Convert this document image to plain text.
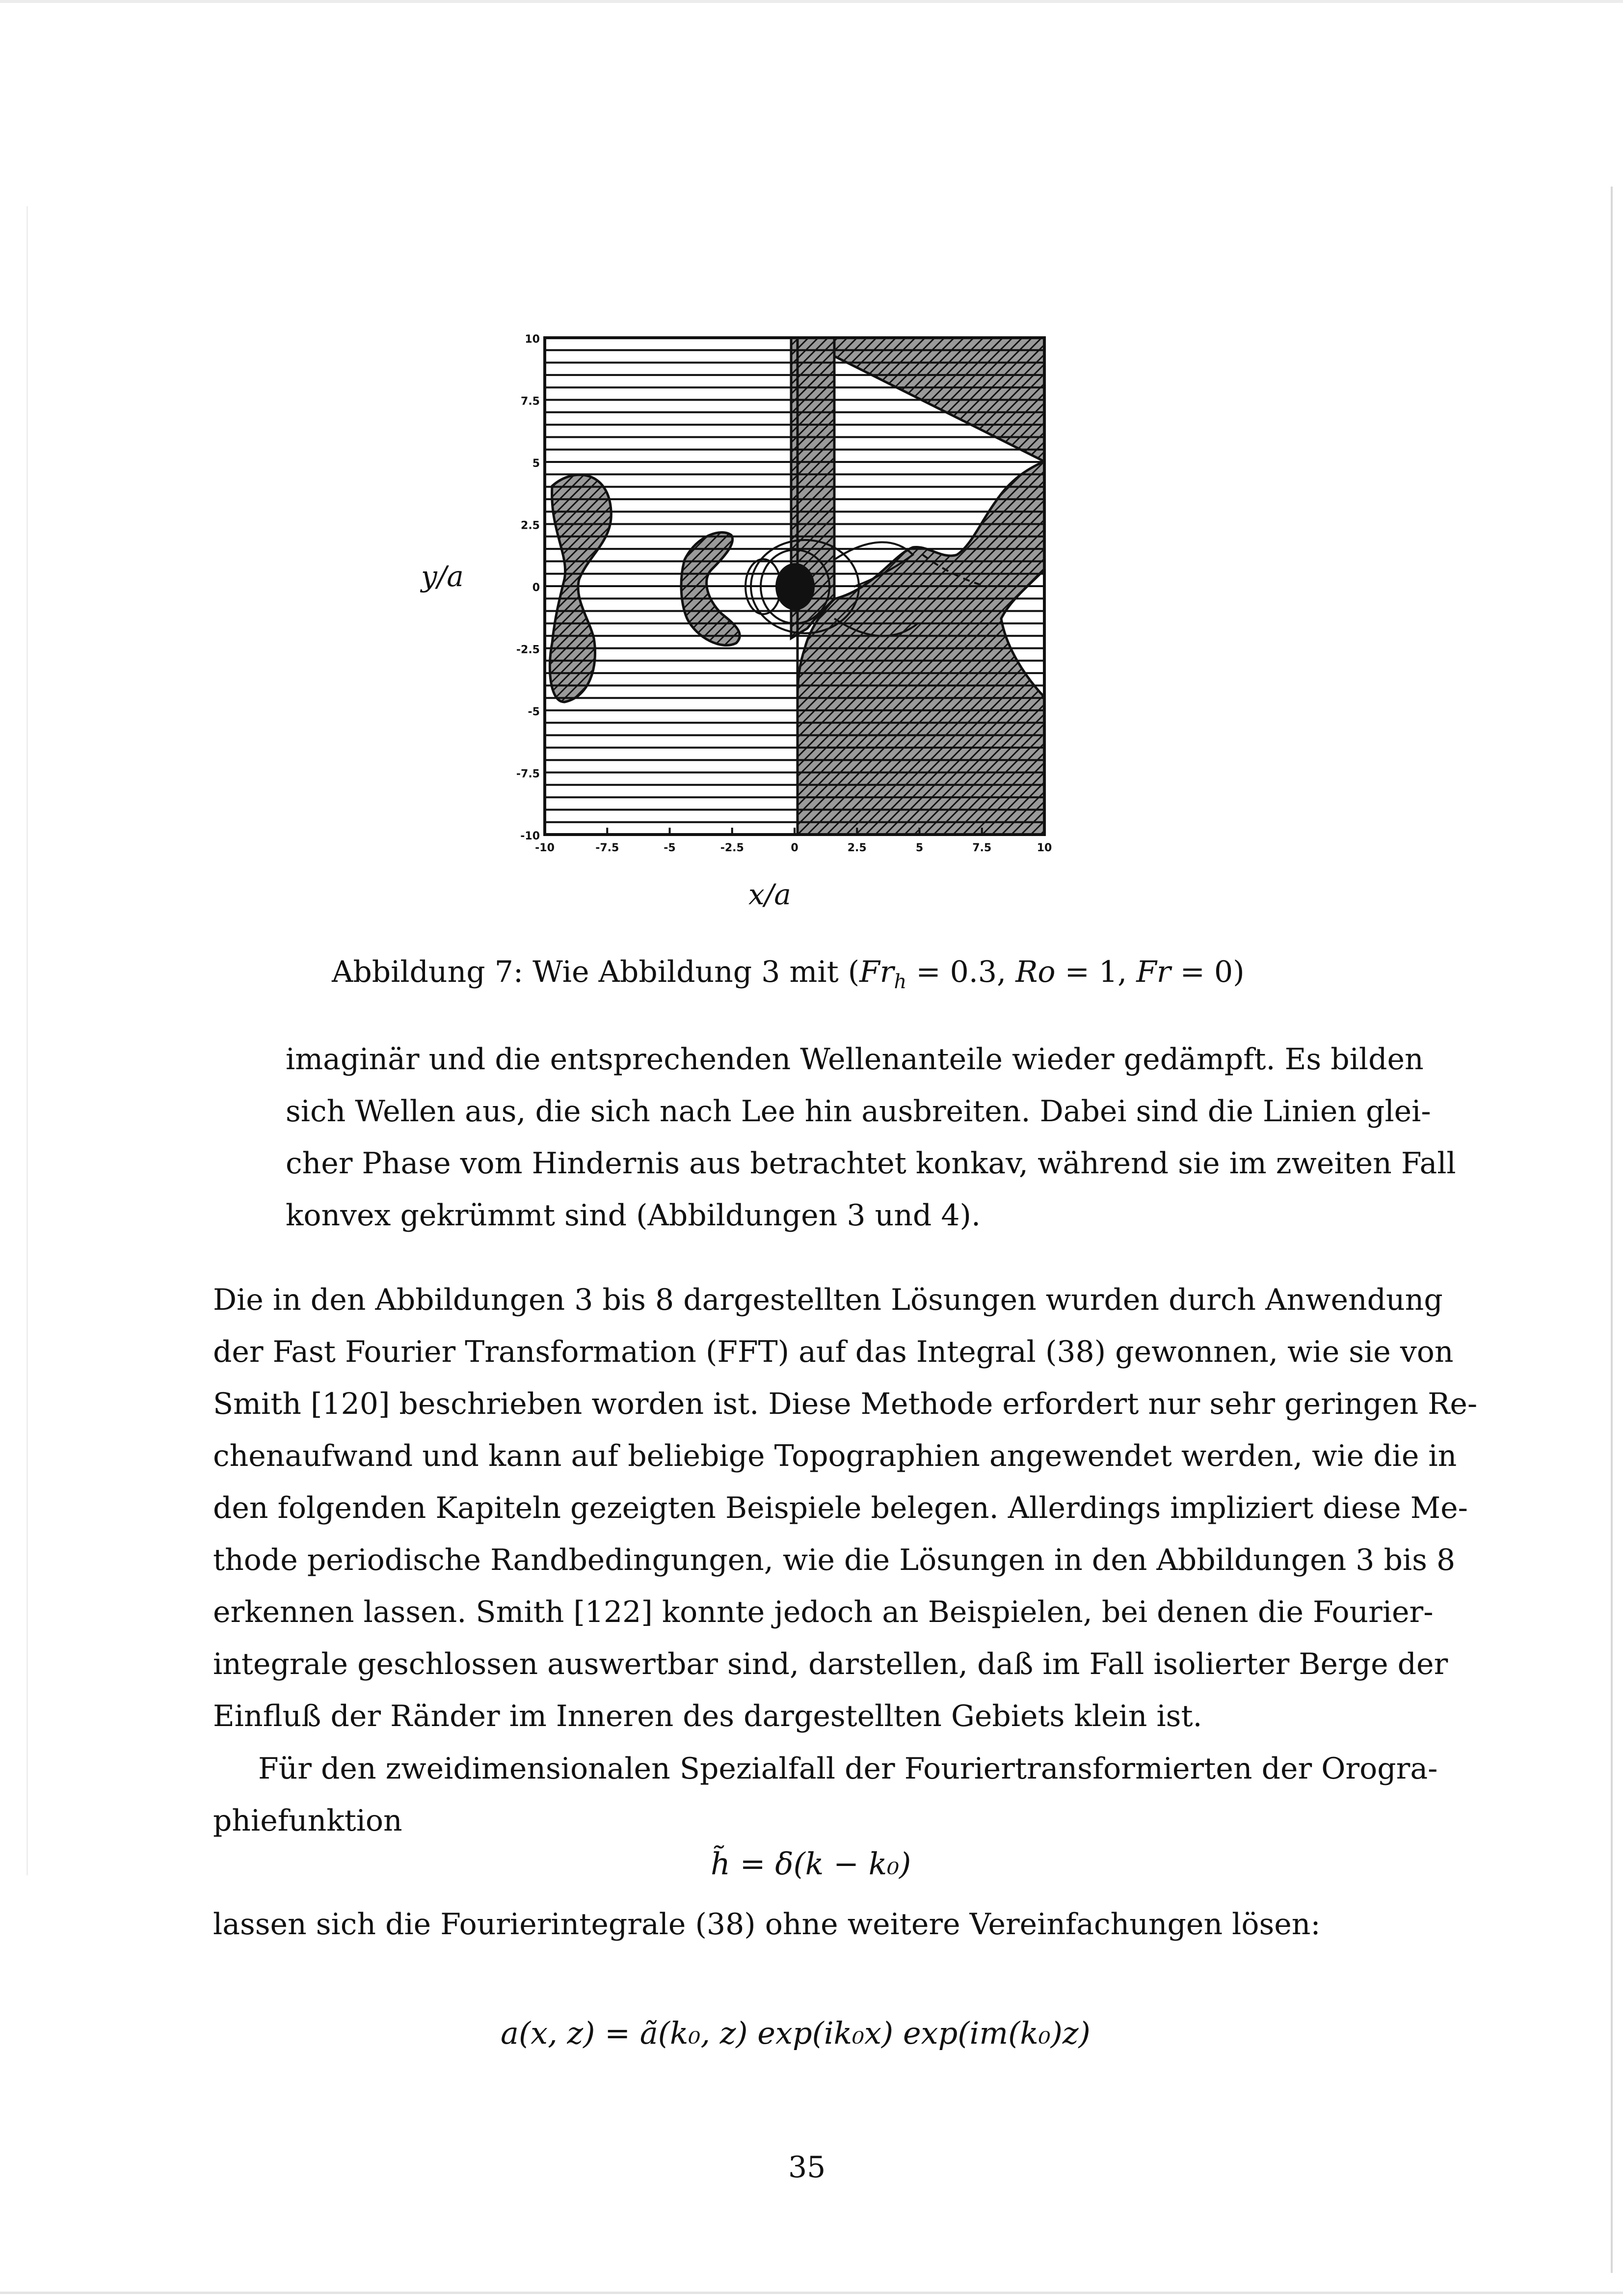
10
7.5
5
2.5
0
-2.5
-5
-7.5
-10
-10	-7.5	-5	-2.5	0	2.5	5	7.5	10
y/a
x/a
Abbildung 7: Wie Abbildung 3 mit ($Fr_h = 0.3$, Ro = 1, Fr = 0)
imaginär und die entsprechenden Wellenanteile wieder gedämpft. Es bilden
sich Wellen aus, die sich nach Lee hin ausbreiten. Dabei sind die Linien glei-
cher Phase vom Hindernis aus betrachtet konkav, während sie im zweiten Fall
konvex gekrümmt sind (Abbildungen 3 und 4).
Die in den Abbildungen 3 bis 8 dargestellten Lösungen wurden durch Anwendung
der Fast Fourier Transformation (FFT) auf das Integral (38) gewonnen, wie sie von
Smith [120] beschrieben worden ist. Diese Methode erfordert nur sehr geringen Re-
chenaufwand und kann auf beliebige Topographien angewendet werden, wie die in
den folgenden Kapiteln gezeigten Beispiele belegen. Allerdings impliziert diese Me-
thode periodische Randbedingungen, wie die Lösungen in den Abbildungen 3 bis 8
erkennen lassen. Smith [122] konnte jedoch an Beispielen, bei denen die Fourier-
integrale geschlossen auswertbar sind, darstellen, daß im Fall isolierter Berge der
Einfluß der Ränder im Inneren des dargestellten Gebiets klein ist.
Für den zweidimensionalen Spezialfall der Fouriertransformierten der Orogra-
phiefunktion
h̃ = δ(k − k₀)
lassen sich die Fourierintegrale (38) ohne weitere Vereinfachungen lösen:
a(x, z) = ã(k₀, z) exp(ik₀x) exp(im(k₀)z)
35
